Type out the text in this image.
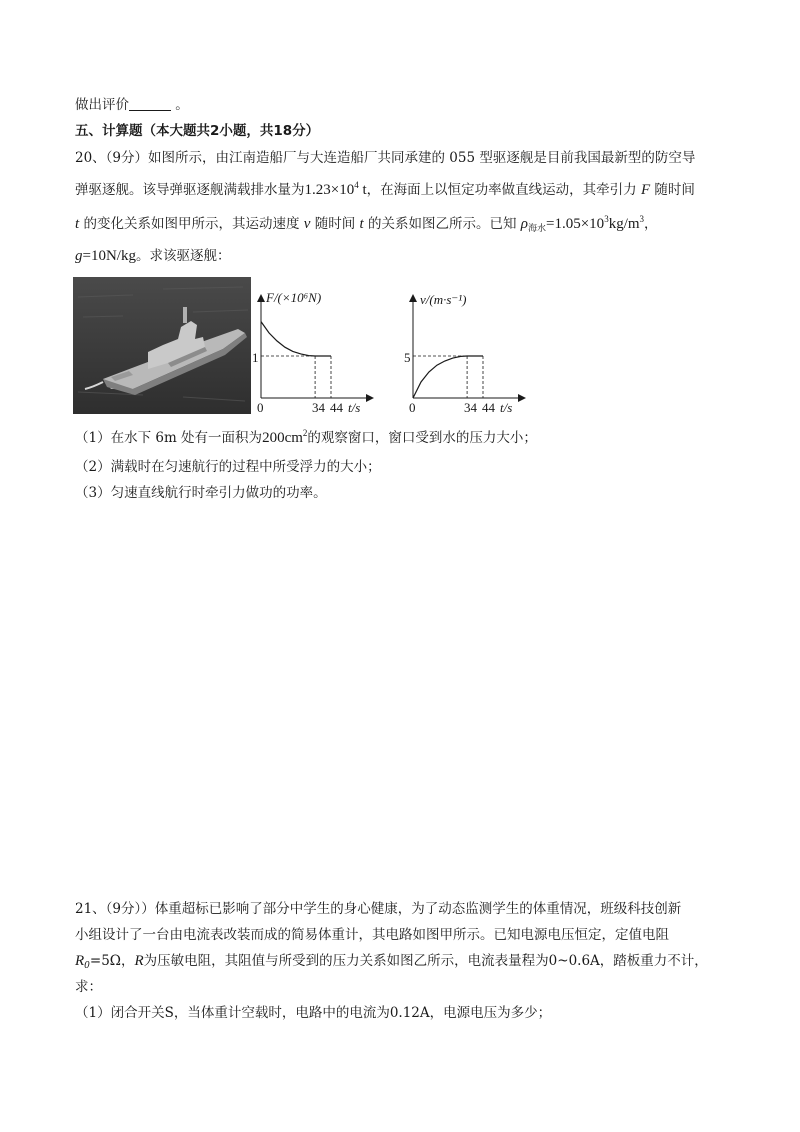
做出评价	。
五、计算题（本大题共2小题，共18分）
20、（9分）如图所示，由江南造船厂与大连造船厂共同承建的 055 型驱逐舰是目前我国最新型的防空导
弹驱逐舰。该导弹驱逐舰满载排水量为$1.23\times 10^4$ t，在海面上以恒定功率做直线运动，其牵引力 F 随时间
t 的变化关系如图甲所示，其运动速度 v 随时间 t 的关系如图乙所示。已知 $\rho_{海水}=1.05\times 10^3kg/m^3$，
g=10N/kg。求该驱逐舰：
F/(×10⁶N)
1
0	34 44 t/s
v/(m·s⁻¹)
5
0	34 44 t/s
（1）在水下 6m 处有一面积为$200cm^2$的观察窗口，窗口受到水的压力大小；
（2）满载时在匀速航行的过程中所受浮力的大小；
（3）匀速直线航行时牵引力做功的功率。
21、（9分））体重超标已影响了部分中学生的身心健康，为了动态监测学生的体重情况，班级科技创新
小组设计了一台由电流表改装而成的简易体重计，其电路如图甲所示。已知电源电压恒定，定值电阻
$R_0=5\Omega$，R为压敏电阻，其阻值与所受到的压力关系如图乙所示，电流表量程为0~0.6A，踏板重力不计，
求：
（1）闭合开关S，当体重计空载时，电路中的电流为0.12A，电源电压为多少；
